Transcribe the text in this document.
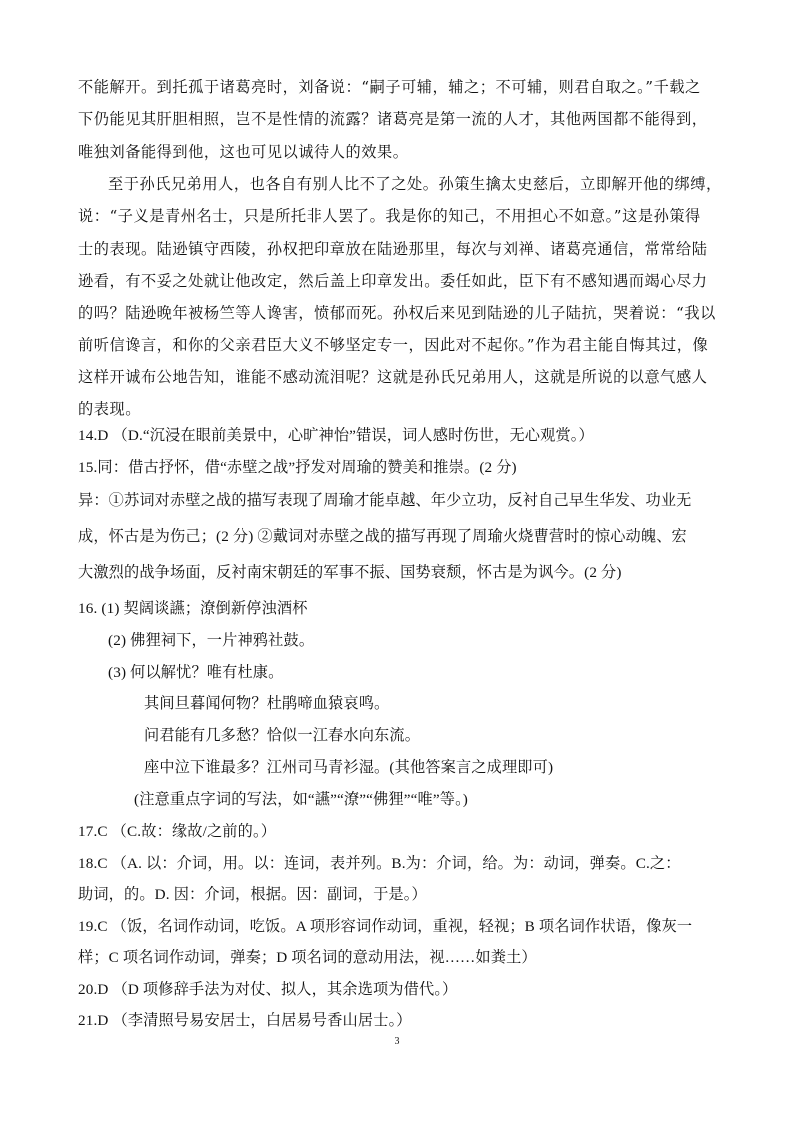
不能解开。到托孤于诸葛亮时，刘备说：“嗣子可辅，辅之；不可辅，则君自取之。”千载之

下仍能见其肝胆相照，岂不是性情的流露？诸葛亮是第一流的人才，其他两国都不能得到，

唯独刘备能得到他，这也可见以诚待人的效果。

至于孙氏兄弟用人，也各自有别人比不了之处。孙策生擒太史慈后，立即解开他的绑缚，

说：“子义是青州名士，只是所托非人罢了。我是你的知己，不用担心不如意。”这是孙策得

士的表现。陆逊镇守西陵，孙权把印章放在陆逊那里，每次与刘禅、诸葛亮通信，常常给陆

逊看，有不妥之处就让他改定，然后盖上印章发出。委任如此，臣下有不感知遇而竭心尽力

的吗？陆逊晚年被杨竺等人谗害，愤郁而死。孙权后来见到陆逊的儿子陆抗，哭着说：“我以

前听信谗言，和你的父亲君臣大义不够坚定专一，因此对不起你。”作为君主能自悔其过，像

这样开诚布公地告知，谁能不感动流泪呢？这就是孙氏兄弟用人，这就是所说的以意气感人

的表现。

14.D （D.“沉浸在眼前美景中，心旷神怡”错误，词人感时伤世，无心观赏。）

15.同：借古抒怀，借“赤壁之战”抒发对周瑜的赞美和推崇。(2 分)

异：①苏词对赤壁之战的描写表现了周瑜才能卓越、年少立功，反衬自己早生华发、功业无

成，怀古是为伤己；(2 分) ②戴词对赤壁之战的描写再现了周瑜火烧曹营时的惊心动魄、宏

大激烈的战争场面，反衬南宋朝廷的军事不振、国势衰颓，怀古是为讽今。(2 分)

16. (1) 契阔谈讌；潦倒新停浊酒杯

(2) 佛狸祠下，一片神鸦社鼓。

(3) 何以解忧？唯有杜康。

其间旦暮闻何物？杜鹃啼血猿哀鸣。

问君能有几多愁？恰似一江春水向东流。

座中泣下谁最多？江州司马青衫湿。(其他答案言之成理即可)

(注意重点字词的写法，如“讌”“潦”“佛狸”“唯”等。)

17.C （C.故：缘故/之前的。）

18.C （A. 以：介词，用。以：连词，表并列。B.为：介词，给。为：动词，弹奏。C.之：

助词，的。D. 因：介词，根据。因：副词，于是。）

19.C （饭，名词作动词，吃饭。A 项形容词作动词，重视，轻视；B 项名词作状语，像灰一

样；C 项名词作动词，弹奏；D 项名词的意动用法，视……如粪土）

20.D （D 项修辞手法为对仗、拟人，其余选项为借代。）

21.D （李清照号易安居士，白居易号香山居士。）

3
